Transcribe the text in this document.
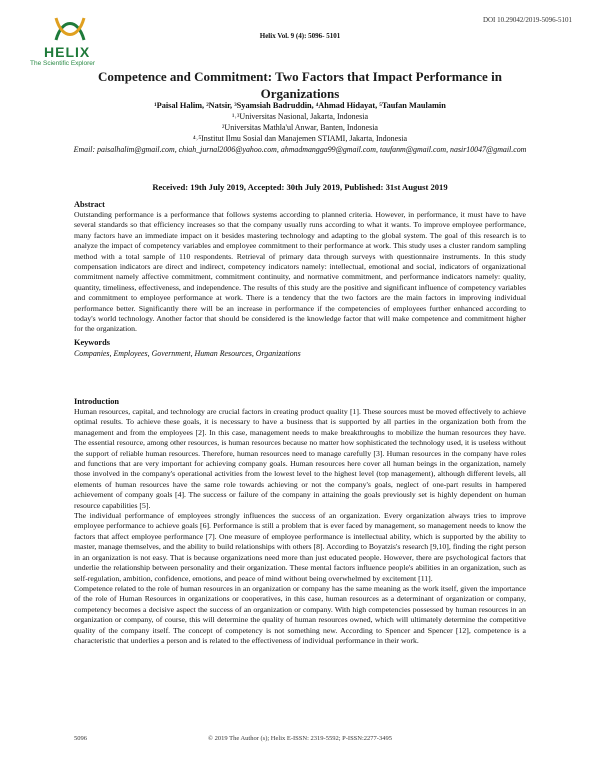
HELIX
The Scientific Explorer
DOI 10.29042/2019-5096-5101
Helix Vol. 9 (4): 5096- 5101
Competence and Commitment: Two Factors that Impact Performance in Organizations
¹Paisal Halim, ²Natsir, ³Syamsiah Badruddin, ⁴Ahmad Hidayat, ⁵Taufan Maulamin
¹˒³Universitas Nasional, Jakarta, Indonesia
²Universitas Mathla'ul Anwar, Banten, Indonesia
⁴˒⁵Institut Ilmu Sosial dan Manajemen STIAMI, Jakarta, Indonesia
Email: paisalhalim@gmail.com, chiah_jurnal2006@yahoo.com, ahmadmangga99@gmail.com, taufanm@gmail.com, nasir10047@gmail.com
Received: 19th July 2019, Accepted: 30th July 2019, Published: 31st August 2019
Abstract

Outstanding performance is a performance that follows systems according to planned criteria. However, in performance, it must have to have several standards so that efficiency increases so that the company usually runs according to what it wants. To improve employee performance, many factors have an immediate impact on it besides mastering technology and adapting to the global system. The goal of this research is to analyze the impact of competency variables and employee commitment to their performance at work. This study uses a cluster random sampling method with a total sample of 110 respondents. Retrieval of primary data through surveys with questionnaire instruments. In this study compensation indicators are direct and indirect, competency indicators namely: intellectual, emotional and social, indicators of organizational commitment namely affective commitment, commitment continuity, and normative commitment, and performance indicators namely: quality, quantity, timeliness, effectiveness, and independence. The results of this study are the positive and significant influence of competency variables and commitment to employee performance at work. There is a tendency that the two factors are the main factors in improving individual performance better. Significantly there will be an increase in performance if the competencies of employees further enhanced according to today's world technology. Another factor that should be considered is the knowledge factor that will make competence and commitment higher for the organization.

Keywords
Companies, Employees, Government, Human Resources, Organizations
Introduction

Human resources, capital, and technology are crucial factors in creating product quality [1]. These sources must be moved effectively to achieve optimal results. To achieve these goals, it is necessary to have a business that is supported by all parties in the organization both from the management and from the employees [2]. In this case, management needs to make breakthroughs to mobilize the human resources they have. The essential resource, among other resources, is human resources because no matter how sophisticated the technology used, it is useless without the support of reliable human resources. Therefore, human resources need to manage carefully [3]. Human resources in the company have roles and functions that are very important for achieving company goals. Human resources here cover all human beings in the organization, namely those involved in the company's operational activities from the lowest level to the highest level (top management), although different levels, all elements of human resources have the same role towards achieving or not the company's goals, neglect of one-part results in hampered achievement of company goals [4]. The success or failure of the company in attaining the goals previously set is highly dependent on human resource capabilities [5].

The individual performance of employees strongly influences the success of an organization. Every organization always tries to improve employee performance to achieve goals [6]. Performance is still a problem that is ever faced by management, so management needs to know the factors that affect employee performance [7]. One measure of employee performance is intellectual ability, which is supported by the ability to master, manage themselves, and the ability to build relationships with others [8]. According to Boyatzis's research [9,10], finding the right person in an organization is not easy. That is because organizations need more than just educated people. However, there are psychological factors that underlie the relationship between personality and their organization. These mental factors influence people's abilities in an organization, such as self-regulation, ambition, confidence, emotions, and peace of mind without being overwhelmed by excitement [11].

Competence related to the role of human resources in an organization or company has the same meaning as the work itself, given the importance of the role of Human Resources in organizations or cooperatives, in this case, human resources as a determinant of organization or company, competency becomes a decisive aspect the success of an organization or company. With high competencies possessed by human resources in an organization or company, of course, this will determine the quality of human resources owned, which will ultimately determine the competitive quality of the company itself. The concept of competency is not something new. According to Spencer and Spencer [12], competence is a characteristic that underlies a person and is related to the effectiveness of individual performance in their work.

5096	© 2019 The Author (s); Helix E-ISSN: 2319-5592; P-ISSN:2277-3495
